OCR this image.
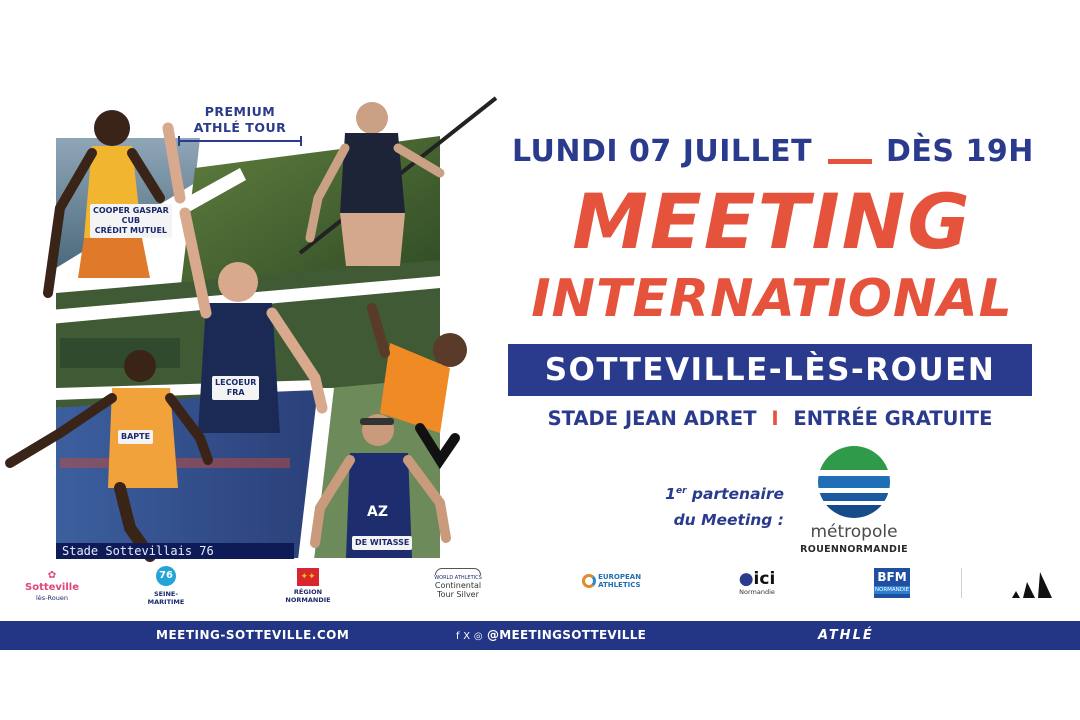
COOPER GASPAR
CUB
CRÉDIT MUTUEL
LECOEUR
FRA
BAPTE
AZ
DE WITASSE
Stade Sottevillais 76
PREMIUM
ATHLÉ TOUR
LUNDI 07 JUILLET DÈS 19H
MEETING
INTERNATIONAL
SOTTEVILLE-LÈS-ROUEN
STADE JEAN ADRET I ENTRÉE GRATUITE
1er partenaire
du Meeting :
métropole
ROUENNORMANDIE
✿
Sotteville
lès-Rouen
76
SEINE-MARITIME
✦✦
RÉGION NORMANDIE
WORLD ATHLETICS
Continental
Tour Silver
EUROPEAN ATHLETICS	●ici
Normandie
BFM
NORMANDIE
MEETING-SOTTEVILLE.COM	f X ◎ @MEETINGSOTTEVILLE	ATHLÉ
